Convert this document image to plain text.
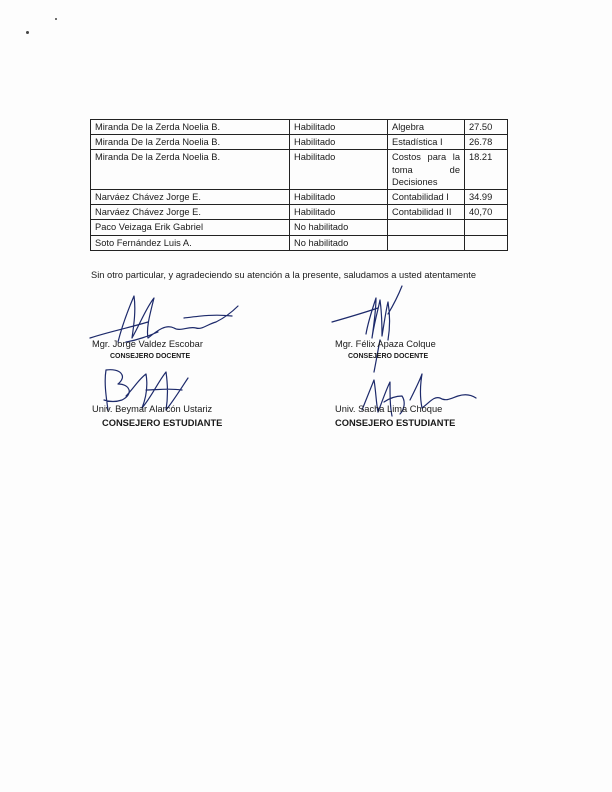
Miranda De la Zerda Noelia B.	Habilitado	Algebra	27.50
Miranda De la Zerda Noelia B.	Habilitado	Estadística I	26.78
Miranda De la Zerda Noelia B.	Habilitado	Costos para la toma de Decisiones	18.21
Narváez Chávez Jorge E.	Habilitado	Contabilidad I	34.99
Narváez Chávez Jorge E.	Habilitado	Contabilidad II	40,70
Paco Veizaga Erik Gabriel	No habilitado		
Soto Fernández Luis A.	No habilitado		
Sin otro particular, y agradeciendo su atención a la presente, saludamos a usted atentamente
Mgr. Jorge Valdez Escobar
CONSEJERO DOCENTE
Mgr. Félix Apaza Colque
CONSEJERO DOCENTE
Univ. Beymar Alarcón Ustariz
CONSEJERO ESTUDIANTE
Univ. Sacha Lima Choque
CONSEJERO ESTUDIANTE
